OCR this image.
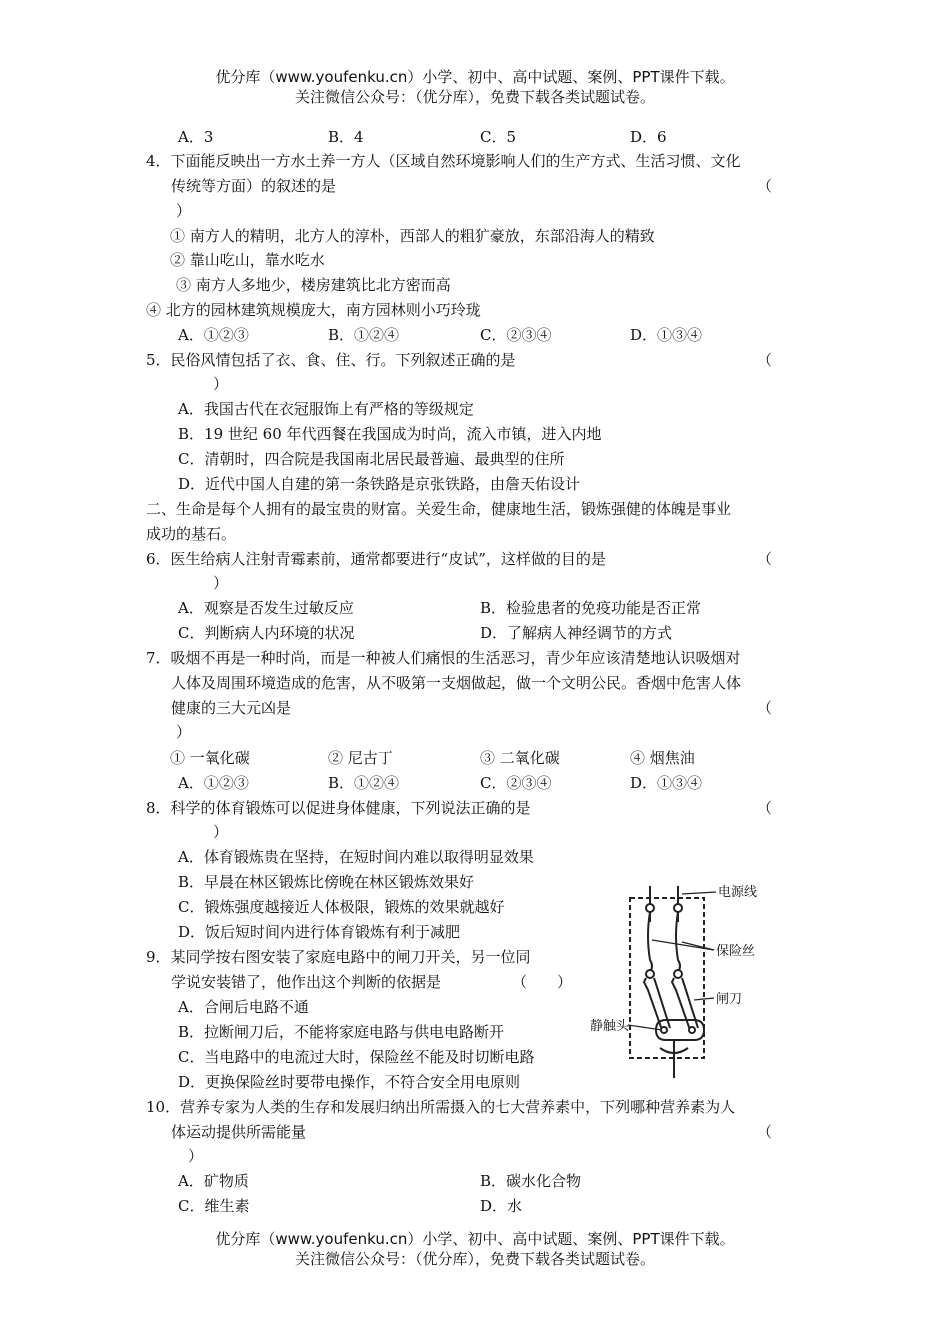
优分库（www.youfenku.cn）小学、初中、高中试题、案例、PPT课件下载。
关注微信公众号：（优分库），免费下载各类试题试卷。
A．3	B．4	C．5	D．6
4．下面能反映出一方水土养一方人（区域自然环境影响人们的生产方式、生活习惯、文化
传统等方面）的叙述的是	（
）
① 南方人的精明，北方人的淳朴，西部人的粗犷豪放，东部沿海人的精致
② 靠山吃山，靠水吃水
③ 南方人多地少，楼房建筑比北方密而高
④ 北方的园林建筑规模庞大，南方园林则小巧玲珑
A．①②③	B．①②④	C．②③④	D．①③④
5．民俗风情包括了衣、食、住、行。下列叙述正确的是	（
）
A．我国古代在衣冠服饰上有严格的等级规定
B．19 世纪 60 年代西餐在我国成为时尚，流入市镇，进入内地
C．清朝时，四合院是我国南北居民最普遍、最典型的住所
D．近代中国人自建的第一条铁路是京张铁路，由詹天佑设计
二、生命是每个人拥有的最宝贵的财富。关爱生命，健康地生活，锻炼强健的体魄是事业
成功的基石。
6．医生给病人注射青霉素前，通常都要进行“皮试”，这样做的目的是	（
）
A．观察是否发生过敏反应	B．检验患者的免疫功能是否正常
C．判断病人内环境的状况	D．了解病人神经调节的方式
7．吸烟不再是一种时尚，而是一种被人们痛恨的生活恶习，青少年应该清楚地认识吸烟对
人体及周围环境造成的危害，从不吸第一支烟做起，做一个文明公民。香烟中危害人体
健康的三大元凶是	（
）
① 一氧化碳	② 尼古丁	③ 二氧化碳	④ 烟焦油
A．①②③	B．①②④	C．②③④	D．①③④
8．科学的体育锻炼可以促进身体健康，下列说法正确的是	（
）
A．体育锻炼贵在坚持，在短时间内难以取得明显效果
B．早晨在林区锻炼比傍晚在林区锻炼效果好
C．锻炼强度越接近人体极限，锻炼的效果就越好
D．饭后短时间内进行体育锻炼有利于减肥
9．某同学按右图安装了家庭电路中的闸刀开关，另一位同
学说安装错了，他作出这个判断的依据是	（　　）
A．合闸后电路不通
B．拉断闸刀后，不能将家庭电路与供电电路断开
C．当电路中的电流过大时，保险丝不能及时切断电路
D．更换保险丝时要带电操作，不符合安全用电原则
电源线
保险丝
闸刀
静触头
10．营养专家为人类的生存和发展归纳出所需摄入的七大营养素中，下列哪种营养素为人
体运动提供所需能量	（
）
A．矿物质	B．碳水化合物
C．维生素	D．水
优分库（www.youfenku.cn）小学、初中、高中试题、案例、PPT课件下载。
关注微信公众号：（优分库），免费下载各类试题试卷。
